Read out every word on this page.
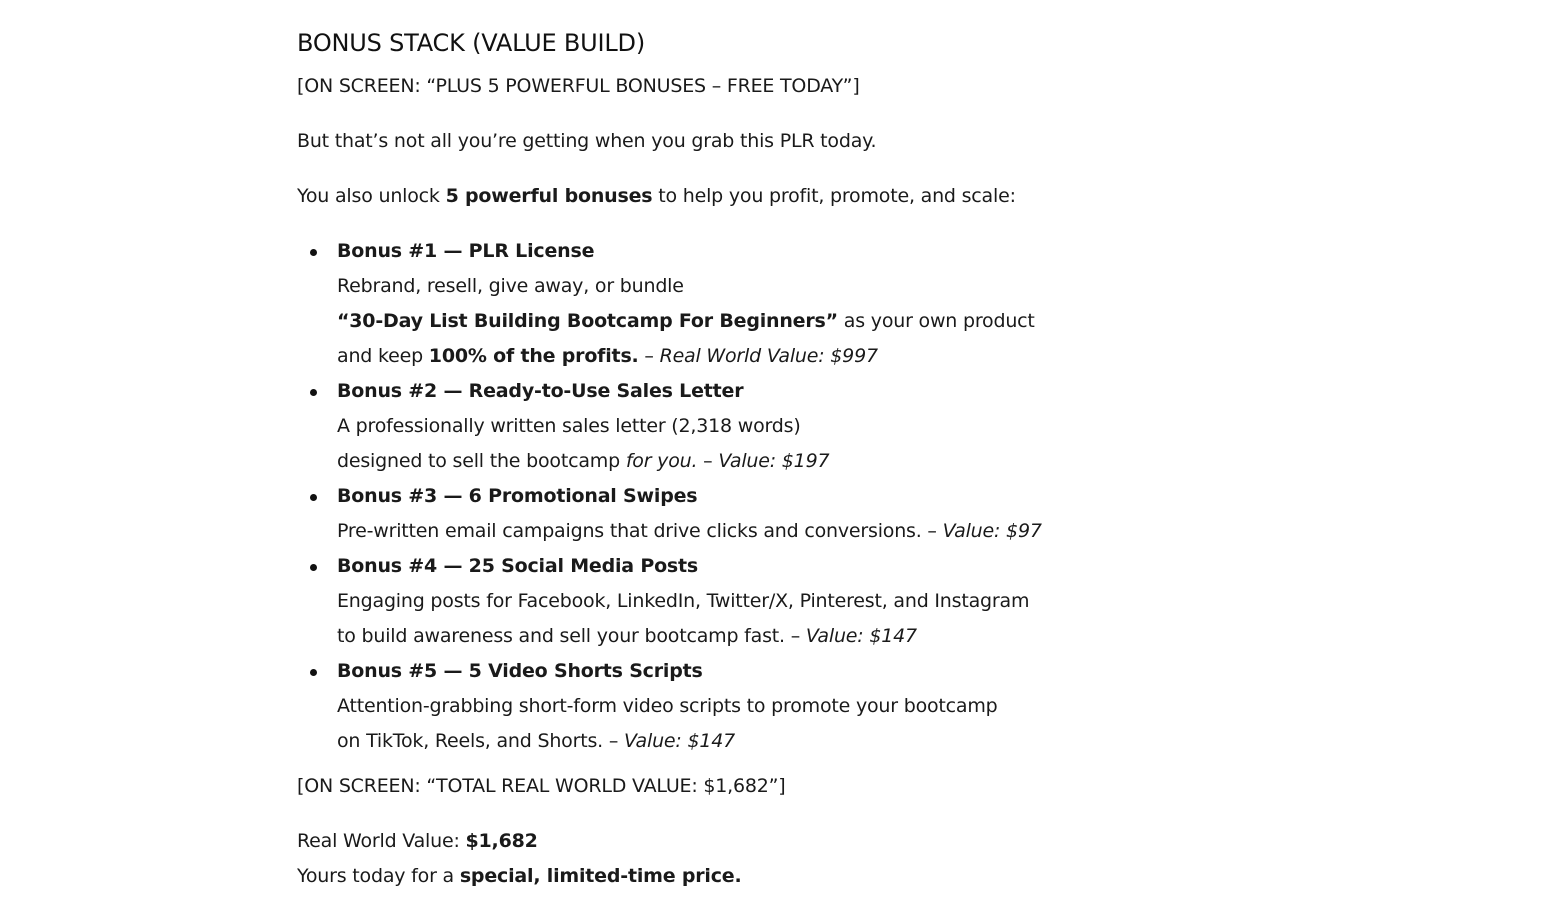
BONUS STACK (VALUE BUILD)

[ON SCREEN: “PLUS 5 POWERFUL BONUSES – FREE TODAY”]

But that’s not all you’re getting when you grab this PLR today.

You also unlock 5 powerful bonuses to help you profit, promote, and scale:

Bonus #1 — PLR License
Rebrand, resell, give away, or bundle
“30-Day List Building Bootcamp For Beginners” as your own product
and keep 100% of the profits. – Real World Value: $997
Bonus #2 — Ready-to-Use Sales Letter
A professionally written sales letter (2,318 words)
designed to sell the bootcamp for you. – Value: $197
Bonus #3 — 6 Promotional Swipes
Pre-written email campaigns that drive clicks and conversions. – Value: $97
Bonus #4 — 25 Social Media Posts
Engaging posts for Facebook, LinkedIn, Twitter/X, Pinterest, and Instagram
to build awareness and sell your bootcamp fast. – Value: $147
Bonus #5 — 5 Video Shorts Scripts
Attention-grabbing short-form video scripts to promote your bootcamp
on TikTok, Reels, and Shorts. – Value: $147

[ON SCREEN: “TOTAL REAL WORLD VALUE: $1,682”]

Real World Value: $1,682

Yours today for a special, limited-time price.
